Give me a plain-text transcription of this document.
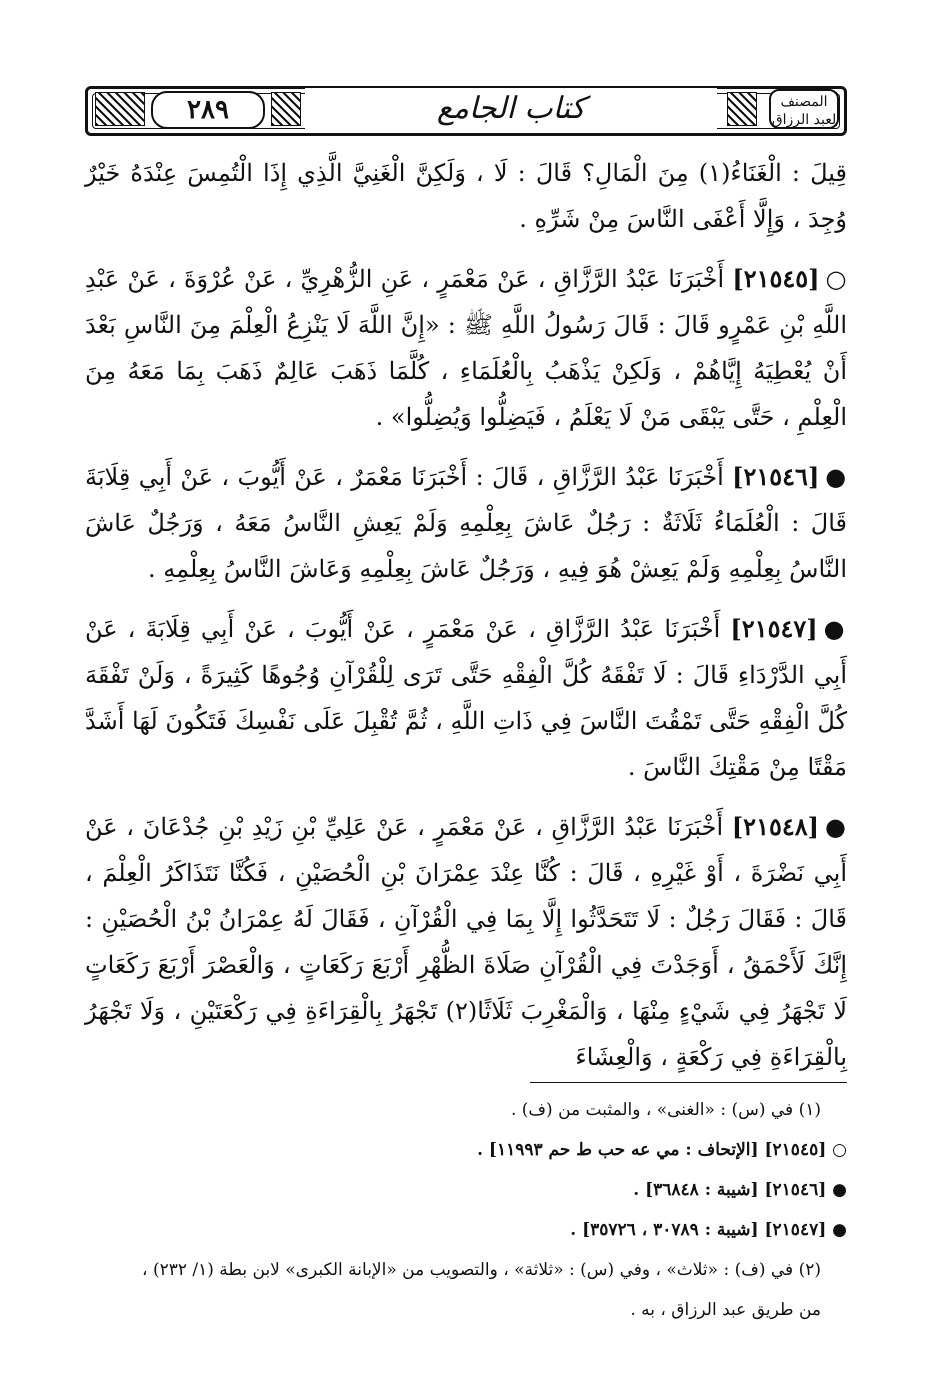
٢٨٩	كتاب الجامع	المصنف لعبد الرزاق

قِيلَ : الْغَنَاءُ(١) مِنَ الْمَالِ؟ قَالَ : لَا ، وَلَكِنَّ الْغَنِيَّ الَّذِي إِذَا الْتُمِسَ عِنْدَهُ خَيْرٌ وُجِدَ ، وَإِلَّا أَعْفَى النَّاسَ مِنْ شَرِّهِ .

○[٢١٥٤٥] أَخْبَرَنَا عَبْدُ الرَّزَّاقِ ، عَنْ مَعْمَرٍ ، عَنِ الزُّهْرِيِّ ، عَنْ عُرْوَةَ ، عَنْ عَبْدِ اللَّهِ بْنِ عَمْرٍو قَالَ : قَالَ رَسُولُ اللَّهِ ﷺ : «إِنَّ اللَّهَ لَا يَنْزِعُ الْعِلْمَ مِنَ النَّاسِ بَعْدَ أَنْ يُعْطِيَهُ إِيَّاهُمْ ، وَلَكِنْ يَذْهَبُ بِالْعُلَمَاءِ ، كُلَّمَا ذَهَبَ عَالِمٌ ذَهَبَ بِمَا مَعَهُ مِنَ الْعِلْمِ ، حَتَّى يَبْقَى مَنْ لَا يَعْلَمُ ، فَيَضِلُّوا وَيُضِلُّوا» .

●[٢١٥٤٦] أَخْبَرَنَا عَبْدُ الرَّزَّاقِ ، قَالَ : أَخْبَرَنَا مَعْمَرٌ ، عَنْ أَيُّوبَ ، عَنْ أَبِي قِلَابَةَ قَالَ : الْعُلَمَاءُ ثَلَاثَةٌ : رَجُلٌ عَاشَ بِعِلْمِهِ وَلَمْ يَعِشِ النَّاسُ مَعَهُ ، وَرَجُلٌ عَاشَ النَّاسُ بِعِلْمِهِ وَلَمْ يَعِشْ هُوَ فِيهِ ، وَرَجُلٌ عَاشَ بِعِلْمِهِ وَعَاشَ النَّاسُ بِعِلْمِهِ .

●[٢١٥٤٧] أَخْبَرَنَا عَبْدُ الرَّزَّاقِ ، عَنْ مَعْمَرٍ ، عَنْ أَيُّوبَ ، عَنْ أَبِي قِلَابَةَ ، عَنْ أَبِي الدَّرْدَاءِ قَالَ : لَا تَفْقَهُ كُلَّ الْفِقْهِ حَتَّى تَرَى لِلْقُرْآنِ وُجُوهًا كَثِيرَةً ، وَلَنْ تَفْقَهَ كُلَّ الْفِقْهِ حَتَّى تَمْقُتَ النَّاسَ فِي ذَاتِ اللَّهِ ، ثُمَّ تُقْبِلَ عَلَى نَفْسِكَ فَتَكُونَ لَهَا أَشَدَّ مَقْتًا مِنْ مَقْتِكَ النَّاسَ .

●[٢١٥٤٨] أَخْبَرَنَا عَبْدُ الرَّزَّاقِ ، عَنْ مَعْمَرٍ ، عَنْ عَلِيِّ بْنِ زَيْدِ بْنِ جُدْعَانَ ، عَنْ أَبِي نَضْرَةَ ، أَوْ غَيْرِهِ ، قَالَ : كُنَّا عِنْدَ عِمْرَانَ بْنِ الْحُصَيْنِ ، فَكُنَّا نَتَذَاكَرُ الْعِلْمَ ، قَالَ : فَقَالَ رَجُلٌ : لَا تَتَحَدَّثُوا إِلَّا بِمَا فِي الْقُرْآنِ ، فَقَالَ لَهُ عِمْرَانُ بْنُ الْحُصَيْنِ : إِنَّكَ لَأَحْمَقُ ، أَوَجَدْتَ فِي الْقُرْآنِ صَلَاةَ الظُّهْرِ أَرْبَعَ رَكَعَاتٍ ، وَالْعَصْرَ أَرْبَعَ رَكَعَاتٍ لَا تَجْهَرُ فِي شَيْءٍ مِنْهَا ، وَالْمَغْرِبَ ثَلَاثًا(٢) تَجْهَرُ بِالْقِرَاءَةِ فِي رَكْعَتَيْنِ ، وَلَا تَجْهَرُ بِالْقِرَاءَةِ فِي رَكْعَةٍ ، وَالْعِشَاءَ

(١) في (س) : «الغنى» ، والمثبت من (ف) .

○ [٢١٥٤٥] [الإتحاف : مي عه حب ط حم ١١٩٩٣] .

● [٢١٥٤٦] [شيبة : ٣٦٨٤٨] .

● [٢١٥٤٧] [شيبة : ٣٠٧٨٩ ، ٣٥٧٢٦] .

(٢) في (ف) : «ثلاث» ، وفي (س) : «ثلاثة» ، والتصويب من «الإبانة الكبرى» لابن بطة (١/ ٢٣٢) ،

من طريق عبد الرزاق ، به .
